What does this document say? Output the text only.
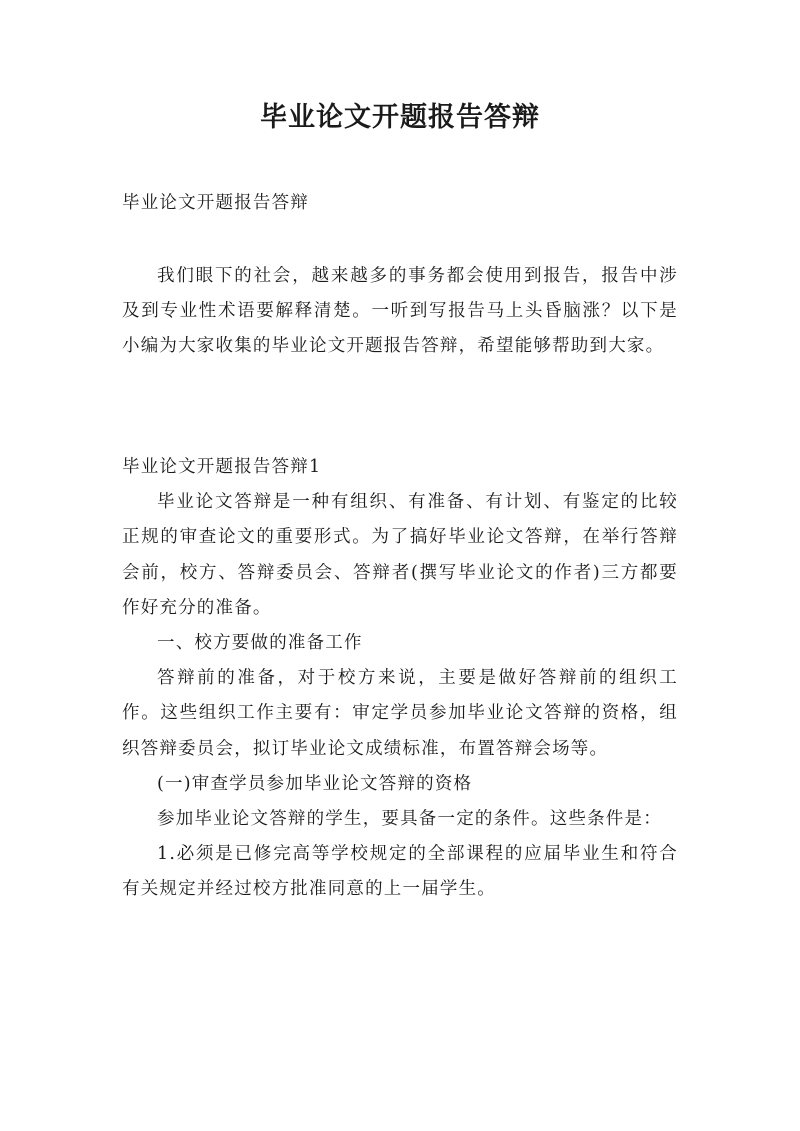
毕业论文开题报告答辩

毕业论文开题报告答辩

我们眼下的社会，越来越多的事务都会使用到报告，报告中涉及到专业性术语要解释清楚。一听到写报告马上头昏脑涨？以下是小编为大家收集的毕业论文开题报告答辩，希望能够帮助到大家。

毕业论文开题报告答辩1

毕业论文答辩是一种有组织、有准备、有计划、有鉴定的比较正规的审查论文的重要形式。为了搞好毕业论文答辩，在举行答辩会前，校方、答辩委员会、答辩者(撰写毕业论文的作者)三方都要作好充分的准备。

一、校方要做的准备工作

答辩前的准备，对于校方来说，主要是做好答辩前的组织工作。这些组织工作主要有：审定学员参加毕业论文答辩的资格，组织答辩委员会，拟订毕业论文成绩标准，布置答辩会场等。

(一)审查学员参加毕业论文答辩的资格

参加毕业论文答辩的学生，要具备一定的条件。这些条件是：

1.必须是已修完高等学校规定的全部课程的应届毕业生和符合有关规定并经过校方批准同意的上一届学生。
